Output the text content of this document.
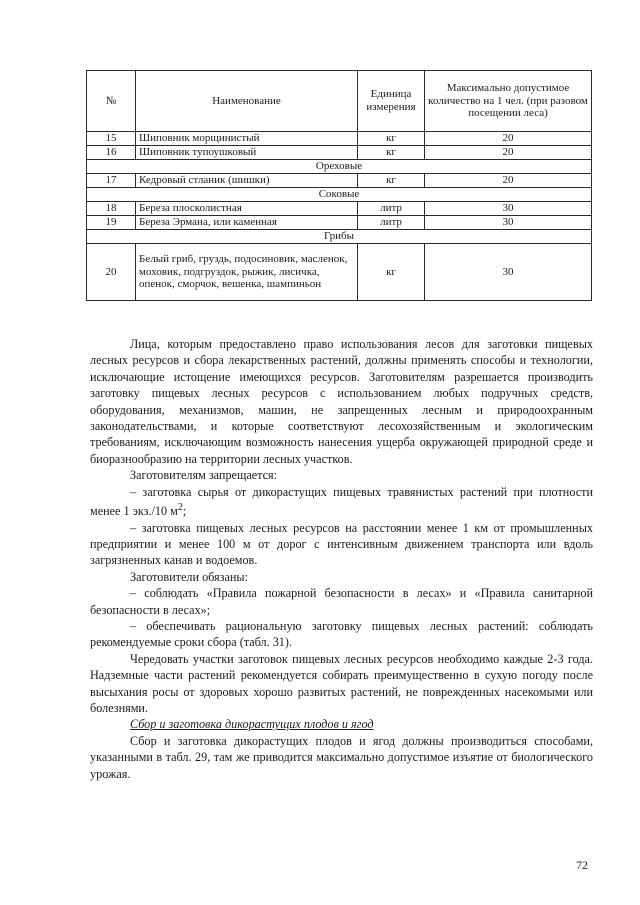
№	Наименование	Единица измерения	Максимально допустимое количество на 1 чел. (при разовом посещении леса)
15	Шиповник морщинистый	кг	20
16	Шиповник тупоушковый	кг	20
Ореховые			
17	Кедровый стланик (шишки)	кг	20
Соковые			
18	Береза плосколистная	литр	30
19	Береза Эрмана, или каменная	литр	30
Грибы			
20	Белый гриб, груздь, подосиновик, масленок, моховик, подгруздок, рыжик, лисичка, опенок, сморчок, вешенка, шампиньон	кг	30

Лица, которым предоставлено право использования лесов для заготовки пищевых лесных ресурсов и сбора лекарственных растений, должны применять способы и технологии, исключающие истощение имеющихся ресурсов. Заготовителям разрешается производить заготовку пищевых лесных ресурсов с использованием любых подручных средств, оборудования, механизмов, машин, не запрещенных лесным и природоохранным законодательствами, и которые соответствуют лесохозяйственным и экологическим требованиям, исключающим возможность нанесения ущерба окружающей природной среде и биоразнообразию на территории лесных участков.

Заготовителям запрещается:

– заготовка сырья от дикорастущих пищевых травянистых растений при плотности менее 1 экз./10 $м^2$;

– заготовка пищевых лесных ресурсов на расстоянии менее 1 км от промышленных предприятии и менее 100 м от дорог с интенсивным движением транспорта или вдоль загрязненных канав и водоемов.

Заготовители обязаны:

– соблюдать «Правила пожарной безопасности в лесах» и «Правила санитарной безопасности в лесах»;

– обеспечивать рациональную заготовку пищевых лесных растений: соблюдать рекомендуемые сроки сбора (табл. 31).

Чередовать участки заготовок пищевых лесных ресурсов необходимо каждые 2-3 года. Надземные части растений рекомендуется собирать преимущественно в сухую погоду после высыхания росы от здоровых хорошо развитых растений, не поврежденных насекомыми или болезнями.

Сбор и заготовка дикорастущих плодов и ягод

Сбор и заготовка дикорастущих плодов и ягод должны производиться способами, указанными в табл. 29, там же приводится максимально допустимое изъятие от биологического урожая.

72
